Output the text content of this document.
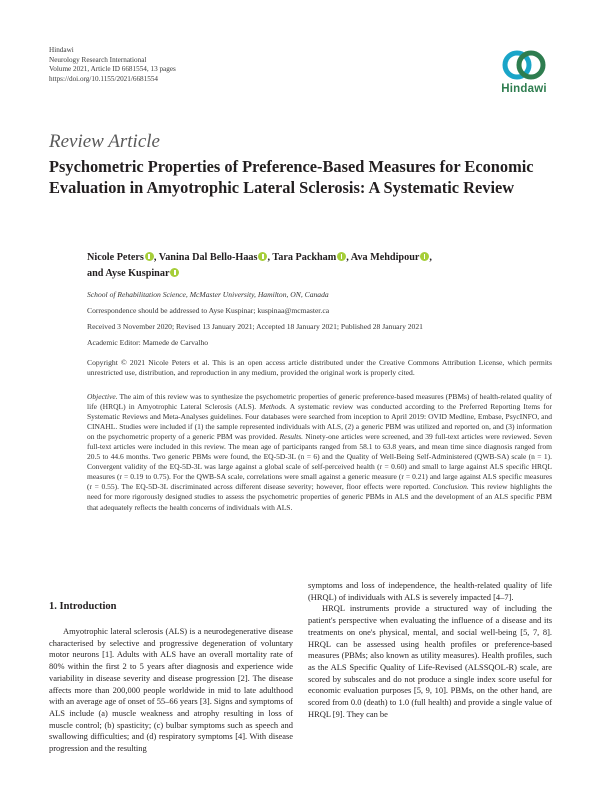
Hindawi
Neurology Research International
Volume 2021, Article ID 6681554, 13 pages
https://doi.org/10.1155/2021/6681554
Hindawi
Review Article
Psychometric Properties of Preference-Based Measures for Economic Evaluation in Amyotrophic Lateral Sclerosis: A Systematic Review
Nicole Peters , Vanina Dal Bello-Haas , Tara Packham , Ava Mehdipour ,
and Ayse Kuspinar
School of Rehabilitation Science, McMaster University, Hamilton, ON, Canada
Correspondence should be addressed to Ayse Kuspinar; kuspinaa@mcmaster.ca
Received 3 November 2020; Revised 13 January 2021; Accepted 18 January 2021; Published 28 January 2021
Academic Editor: Mamede de Carvalho
Copyright © 2021 Nicole Peters et al. This is an open access article distributed under the Creative Commons Attribution License, which permits unrestricted use, distribution, and reproduction in any medium, provided the original work is properly cited.
Objective. The aim of this review was to synthesize the psychometric properties of generic preference-based measures (PBMs) of health-related quality of life (HRQL) in Amyotrophic Lateral Sclerosis (ALS). Methods. A systematic review was conducted according to the Preferred Reporting Items for Systematic Reviews and Meta-Analyses guidelines. Four databases were searched from inception to April 2019: OVID Medline, Embase, PsycINFO, and CINAHL. Studies were included if (1) the sample represented individuals with ALS, (2) a generic PBM was utilized and reported on, and (3) information on the psychometric property of a generic PBM was provided. Results. Ninety-one articles were screened, and 39 full-text articles were reviewed. Seven full-text articles were included in this review. The mean age of participants ranged from 58.1 to 63.8 years, and mean time since diagnosis ranged from 20.5 to 44.6 months. Two generic PBMs were found, the EQ-5D-3L (n = 6) and the Quality of Well-Being Self-Administered (QWB-SA) scale (n = 1). Convergent validity of the EQ-5D-3L was large against a global scale of self-perceived health (r = 0.60) and small to large against ALS specific HRQL measures (r = 0.19 to 0.75). For the QWB-SA scale, correlations were small against a generic measure (r = 0.21) and large against ALS specific measures (r = 0.55). The EQ-5D-3L discriminated across different disease severity; however, floor effects were reported. Conclusion. This review highlights the need for more rigorously designed studies to assess the psychometric properties of generic PBMs in ALS and the development of an ALS specific PBM that adequately reflects the health concerns of individuals with ALS.
1. Introduction

Amyotrophic lateral sclerosis (ALS) is a neurodegenerative disease characterised by selective and progressive degeneration of voluntary motor neurons [1]. Adults with ALS have an overall mortality rate of 80% within the first 2 to 5 years after diagnosis and experience wide variability in disease severity and disease progression [2]. The disease affects more than 200,000 people worldwide in mid to late adulthood with an average age of onset of 55–66 years [3]. Signs and symptoms of ALS include (a) muscle weakness and atrophy resulting in loss of muscle control; (b) spasticity; (c) bulbar symptoms such as speech and swallowing difficulties; and (d) respiratory symptoms [4]. With disease progression and the resulting

symptoms and loss of independence, the health-related quality of life (HRQL) of individuals with ALS is severely impacted [4–7].

HRQL instruments provide a structured way of including the patient's perspective when evaluating the influence of a disease and its treatments on one's physical, mental, and social well-being [5, 7, 8]. HRQL can be assessed using health profiles or preference-based measures (PBMs; also known as utility measures). Health profiles, such as the ALS Specific Quality of Life-Revised (ALSSQOL-R) scale, are scored by subscales and do not produce a single index score useful for economic evaluation purposes [5, 9, 10]. PBMs, on the other hand, are scored from 0.0 (death) to 1.0 (full health) and provide a single value of HRQL [9]. They can be
